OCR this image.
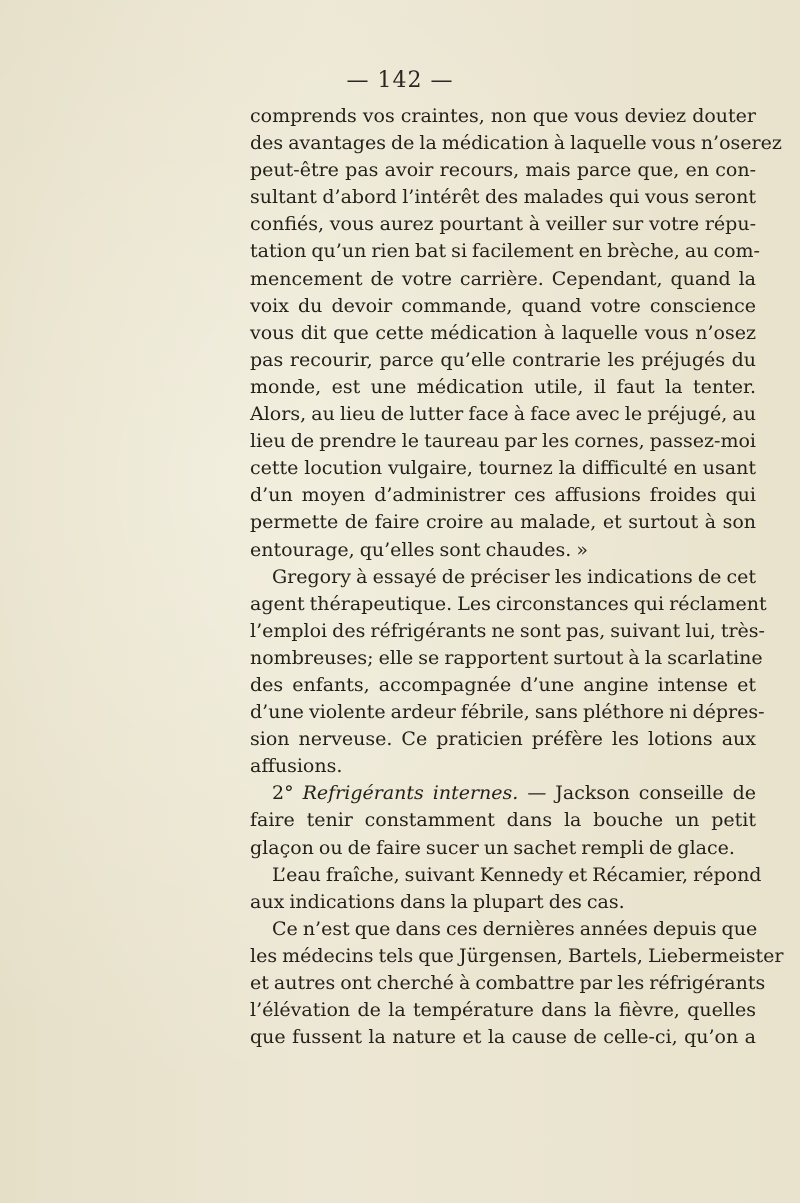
— 142 —
comprends vos craintes, non que vous deviez douter
des avantages de la médication à laquelle vous n’oserez
peut-être pas avoir recours, mais parce que, en con-
sultant d’abord l’intérêt des malades qui vous seront
confiés, vous aurez pourtant à veiller sur votre répu-
tation qu’un rien bat si facilement en brèche, au com-
mencement de votre carrière. Cependant, quand la
voix du devoir commande, quand votre conscience
vous dit que cette médication à laquelle vous n’osez
pas recourir, parce qu’elle contrarie les préjugés du
monde, est une médication utile, il faut la tenter.
Alors, au lieu de lutter face à face avec le préjugé, au
lieu de prendre le taureau par les cornes, passez-moi
cette locution vulgaire, tournez la difficulté en usant
d’un moyen d’administrer ces affusions froides qui
permette de faire croire au malade, et surtout à son
entourage, qu’elles sont chaudes. »
Gregory à essayé de préciser les indications de cet
agent thérapeutique. Les circonstances qui réclament
l’emploi des réfrigérants ne sont pas, suivant lui, très-
nombreuses; elle se rapportent surtout à la scarlatine
des enfants, accompagnée d’une angine intense et
d’une violente ardeur fébrile, sans pléthore ni dépres-
sion nerveuse. Ce praticien préfère les lotions aux
affusions.
2° Refrigérants internes. — Jackson conseille de
faire tenir constamment dans la bouche un petit
glaçon ou de faire sucer un sachet rempli de glace.
L’eau fraîche, suivant Kennedy et Récamier, répond
aux indications dans la plupart des cas.
Ce n’est que dans ces dernières années depuis que
les médecins tels que Jürgensen, Bartels, Liebermeister
et autres ont cherché à combattre par les réfrigérants
l’élévation de la température dans la fièvre, quelles
que fussent la nature et la cause de celle-ci, qu’on a
